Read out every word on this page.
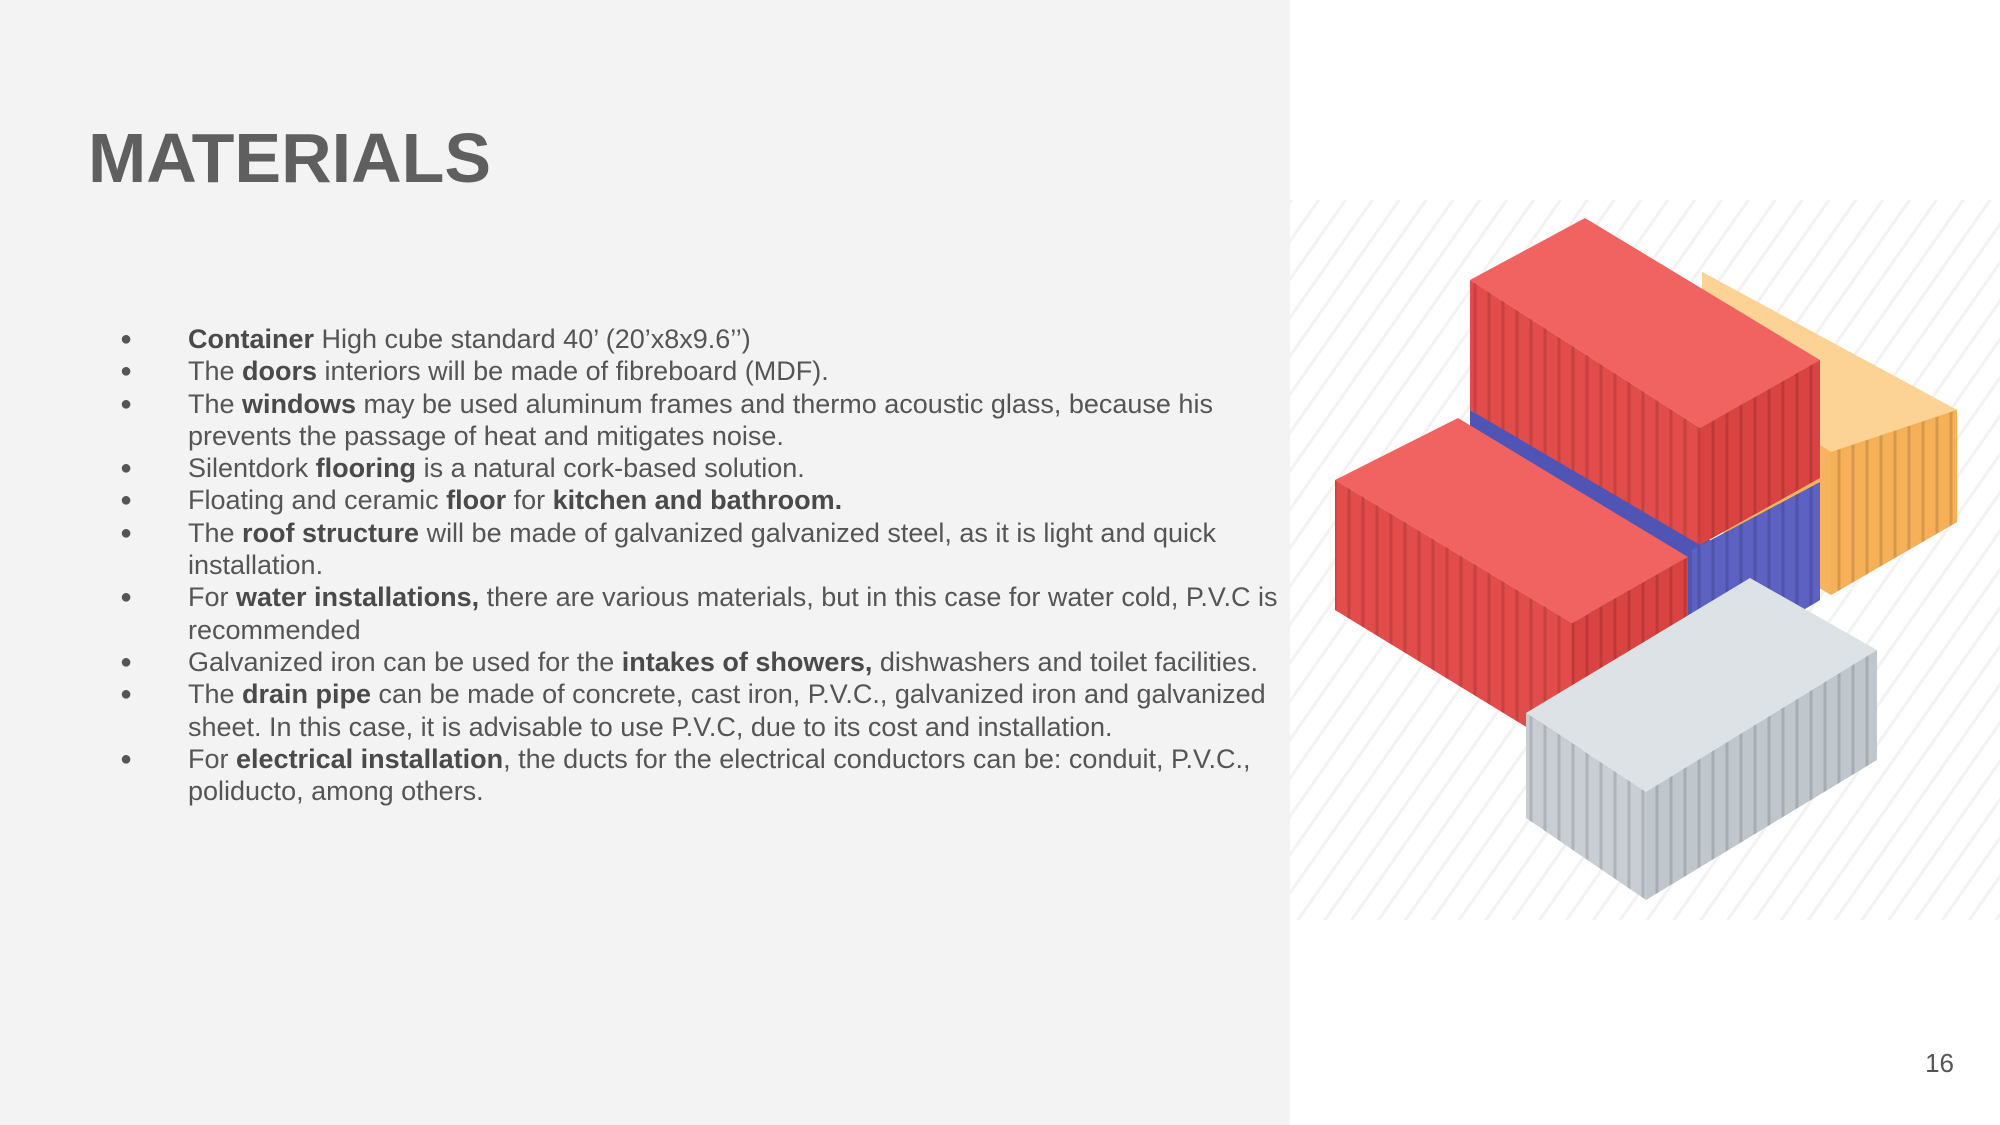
MATERIALS
● Container High cube standard 40’ (20’x8x9.6’’)
● The doors interiors will be made of fibreboard (MDF).
● The windows may be used aluminum frames and thermo acoustic glass, because his prevents the passage of heat and mitigates noise.
● Silentdork flooring is a natural cork-based solution.
● Floating and ceramic floor for kitchen and bathroom.
● The roof structure will be made of galvanized galvanized steel, as it is light and quick installation.
● For water installations, there are various materials, but in this case for water cold, P.V.C is recommended
● Galvanized iron can be used for the intakes of showers, dishwashers and toilet facilities.
● The drain pipe can be made of concrete, cast iron, P.V.C., galvanized iron and galvanized sheet. In this case, it is advisable to use P.V.C, due to its cost and installation.
● For electrical installation, the ducts for the electrical conductors can be: conduit, P.V.C., poliducto, among others.
16
